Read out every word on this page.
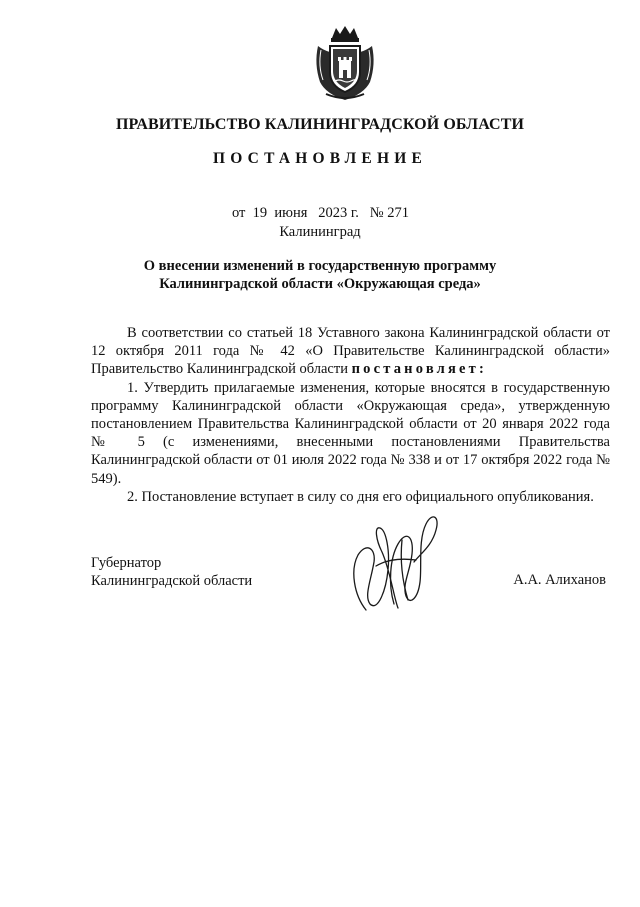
ПРАВИТЕЛЬСТВО КАЛИНИНГРАДСКОЙ ОБЛАСТИ
ПОСТАНОВЛЕНИЕ
от  19  июня   2023 г.   № 271
Калининград
О внесении изменений в государственную программу
Калининградской области «Окружающая среда»

В соответствии со статьей 18 Уставного закона Калининградской области от 12 октября 2011 года № 42 «О Правительстве Калининградской области» Правительство Калининградской области постановляет:

1. Утвердить прилагаемые изменения, которые вносятся в государственную программу Калининградской области «Окружающая среда», утвержденную постановлением Правительства Калининградской области от 20 января 2022 года № 5 (с изменениями, внесенными постановлениями Правительства Калининградской области от 01 июля 2022 года № 338 и от 17 октября 2022 года № 549).

2. Постановление вступает в силу со дня его официального опубликования.

Губернатор
Калининградской области	А.А. Алиханов
